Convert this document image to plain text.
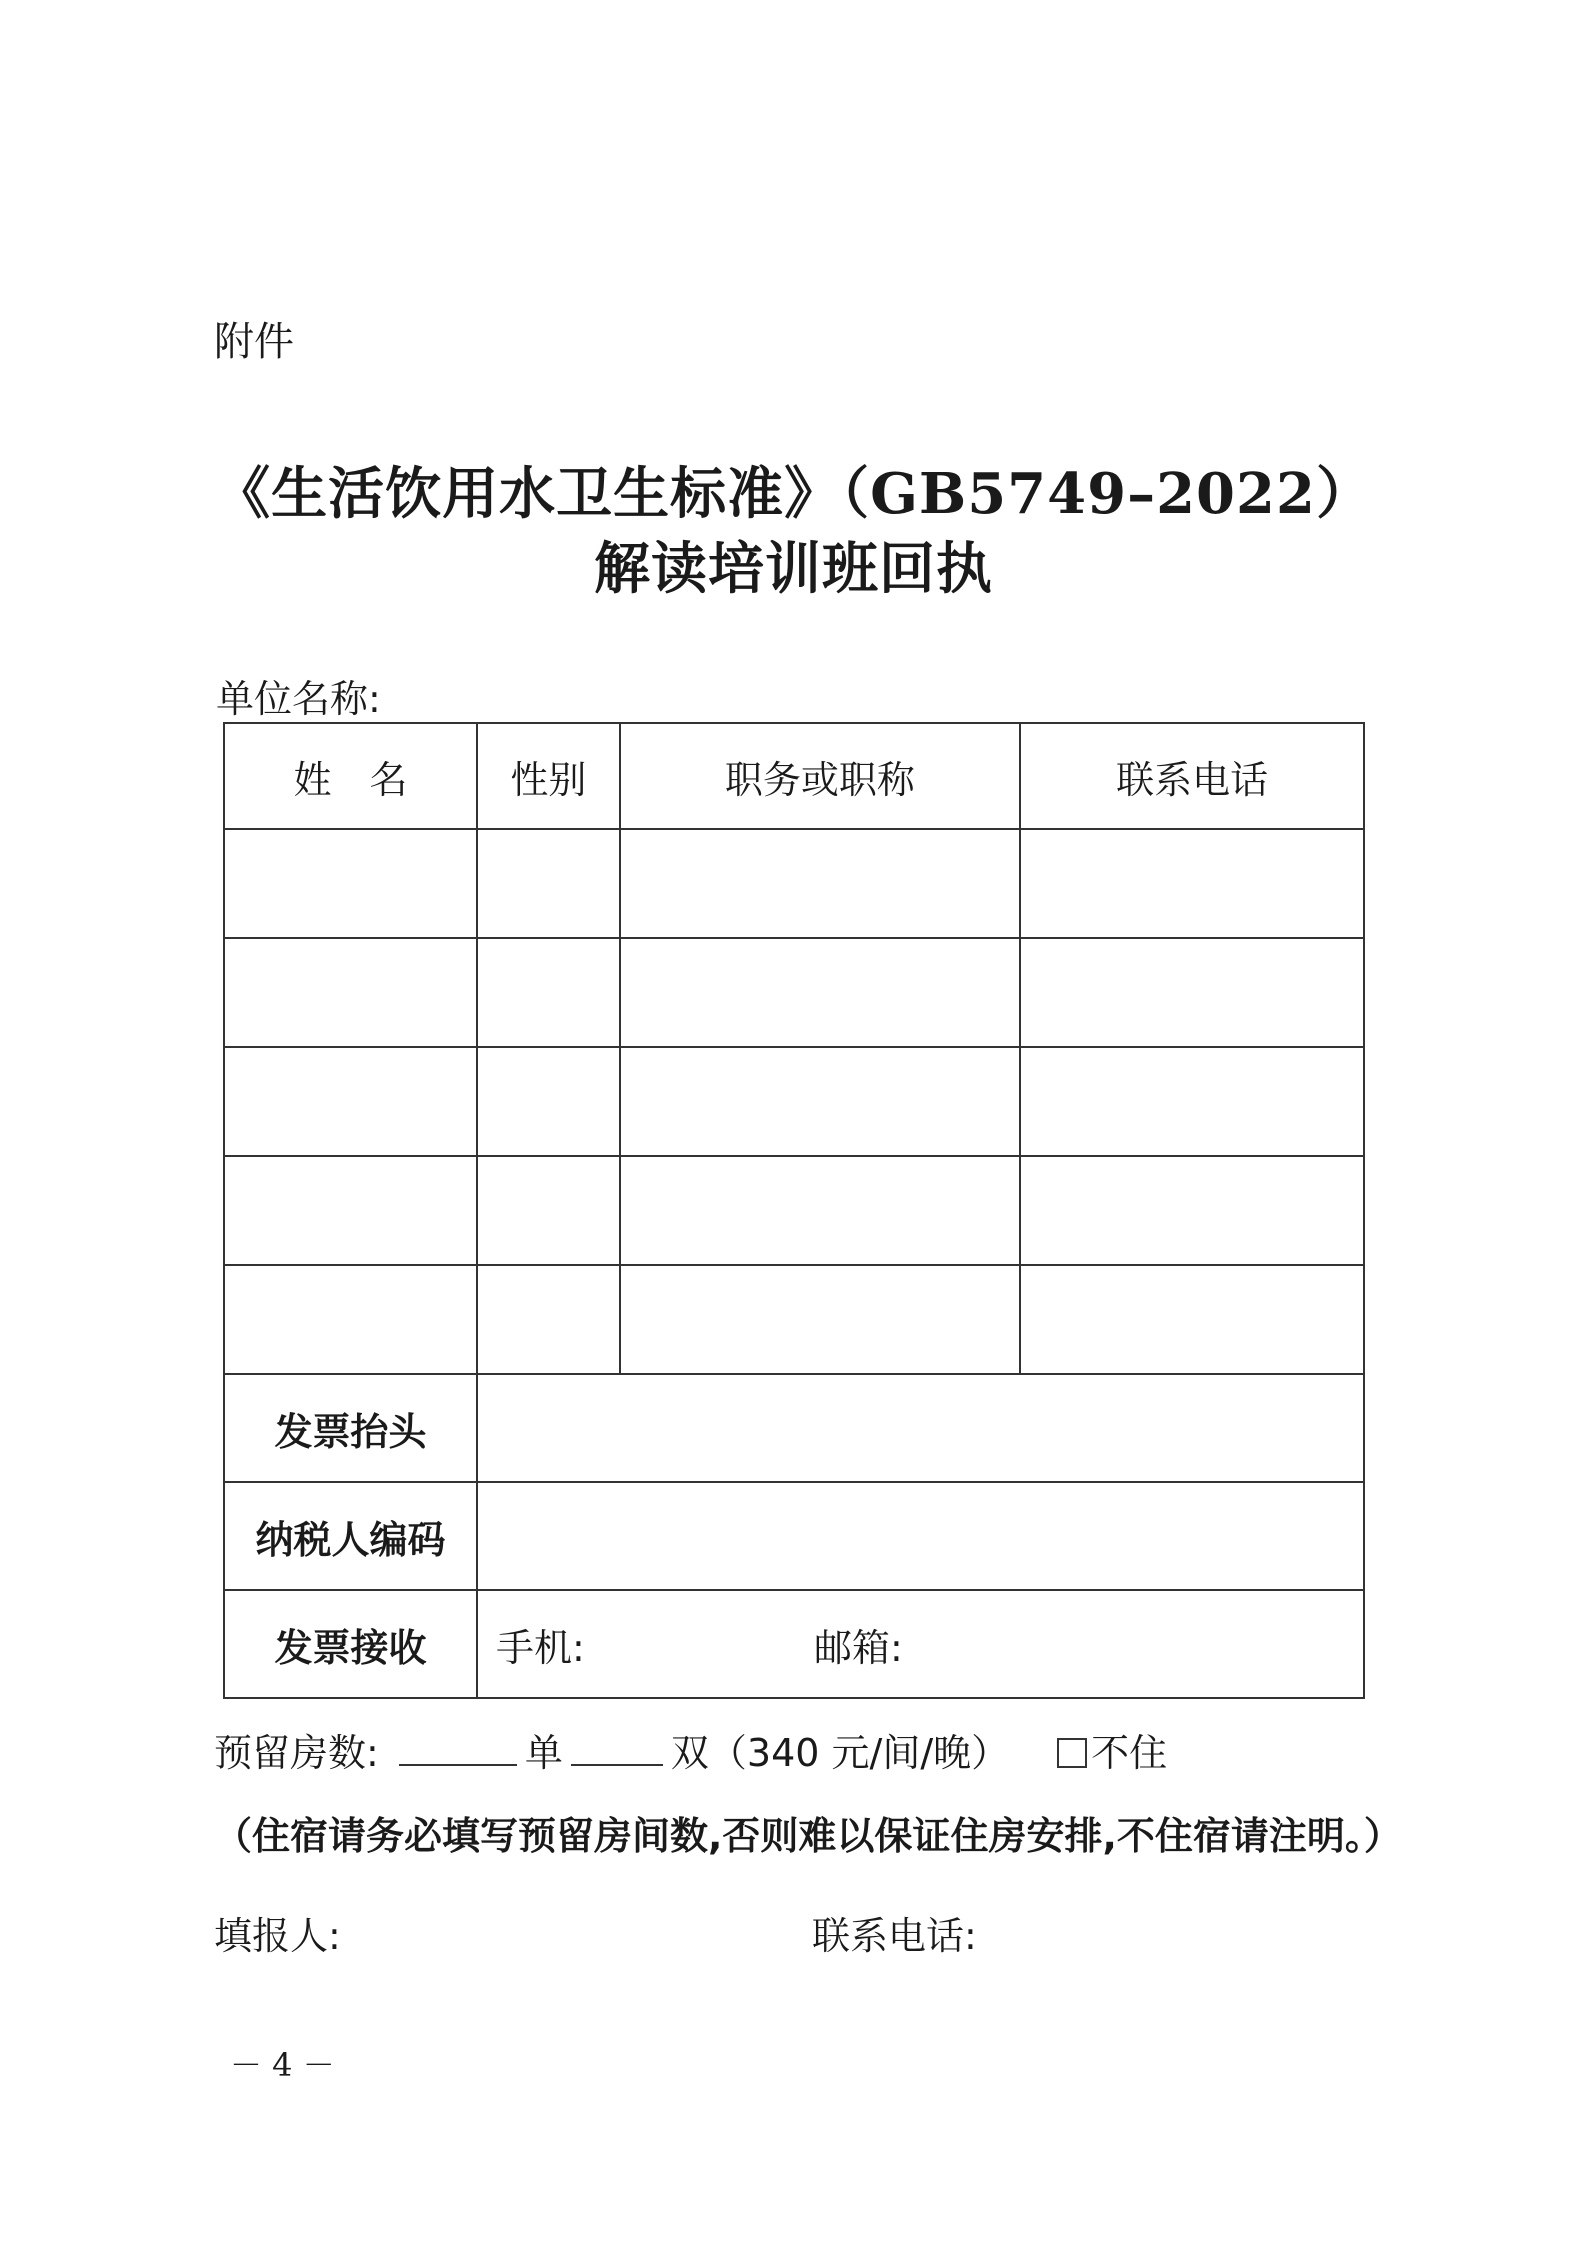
附件
《生活饮用水卫生标准》（GB5749–2022）
解读培训班回执
单位名称:
姓　名	性别	职务或职称	联系电话

发票抬头			
纳税人编码			
发票接收	手机: 邮箱:		
预留房数:	单	双（340 元/间/晚） 不住
（住宿请务必填写预留房间数,否则难以保证住房安排,不住宿请注明。）
填报人:	联系电话:
－ 4 －
